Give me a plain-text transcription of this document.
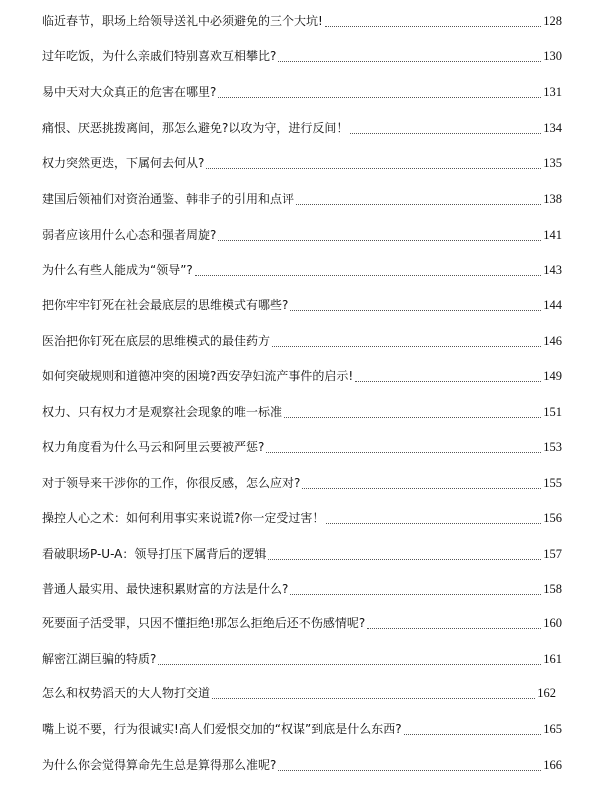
临近春节，职场上给领导送礼中必须避免的三个大坑!	128
过年吃饭，为什么亲戚们特别喜欢互相攀比?	130
易中天对大众真正的危害在哪里?	131
痛恨、厌恶挑拨离间，那怎么避免?以攻为守，进行反间！	134
权力突然更迭，下属何去何从?	135
建国后领袖们对资治通鉴、韩非子的引用和点评	138
弱者应该用什么心态和强者周旋?	141
为什么有些人能成为“领导”?	143
把你牢牢钉死在社会最底层的思维模式有哪些?	144
医治把你钉死在底层的思维模式的最佳药方	146
如何突破规则和道德冲突的困境?西安孕妇流产事件的启示!	149
权力、只有权力才是观察社会现象的唯一标准	151
权力角度看为什么马云和阿里云要被严惩?	153
对于领导来干涉你的工作，你很反感，怎么应对?	155
操控人心之术：如何利用事实来说谎?你一定受过害！	156
看破职场P-U-A：领导打压下属背后的逻辑	157
普通人最实用、最快速积累财富的方法是什么?	158
死要面子活受罪，只因不懂拒绝!那怎么拒绝后还不伤感情呢?	160
解密江湖巨骗的特质?	161
怎么和权势滔天的大人物打交道	162
嘴上说不要，行为很诚实!高人们爱恨交加的“权谋”到底是什么东西?	165
为什么你会觉得算命先生总是算得那么准呢?	166
